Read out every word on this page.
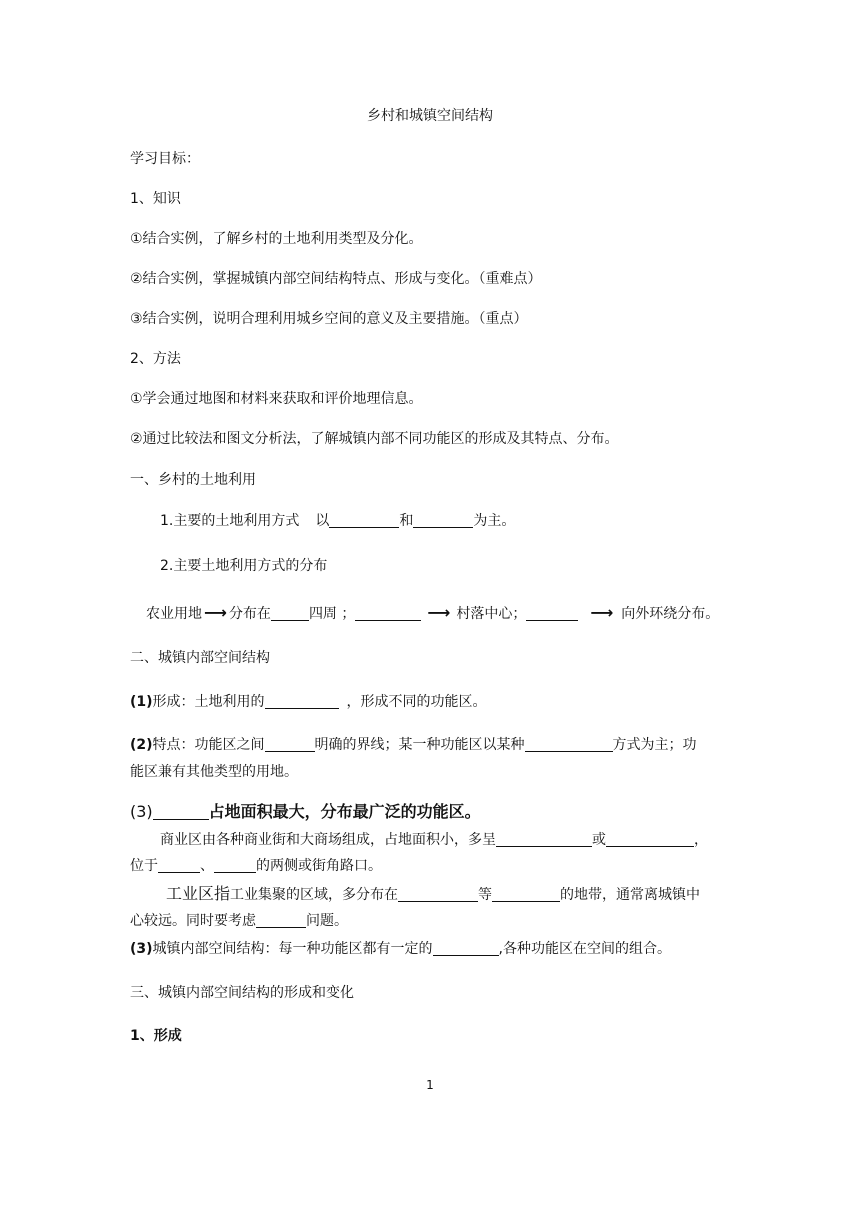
乡村和城镇空间结构
学习目标：
1、知识
①结合实例，了解乡村的土地利用类型及分化。
②结合实例，掌握城镇内部空间结构特点、形成与变化。（重难点）
③结合实例，说明合理利用城乡空间的意义及主要措施。（重点）
2、方法
①学会通过地图和材料来获取和评价地理信息。
②通过比较法和图文分析法，了解城镇内部不同功能区的形成及其特点、分布。
一、乡村的土地利用
1.主要的土地利用方式 以	和	为主。
2.主要土地利用方式的分布
农业用地 ⟶ 分布在	四周 ；	⟶ 村落中心；	⟶ 向外环绕分布。
二、城镇内部空间结构
(1)形成：土地利用的	，形成不同的功能区。
(2)特点：功能区之间	明确的界线；某一种功能区以某种	方式为主；功
能区兼有其他类型的用地。
(3)	占地面积最大，分布最广泛的功能区。
商业区由各种商业街和大商场组成，占地面积小，多呈	或	，
位于	、	的两侧或街角路口。
工业区指工业集聚的区域，多分布在	等	的地带，通常离城镇中
心较远。同时要考虑	问题。
(3)城镇内部空间结构：每一种功能区都有一定的	,各种功能区在空间的组合。
三、城镇内部空间结构的形成和变化
1、形成
1
